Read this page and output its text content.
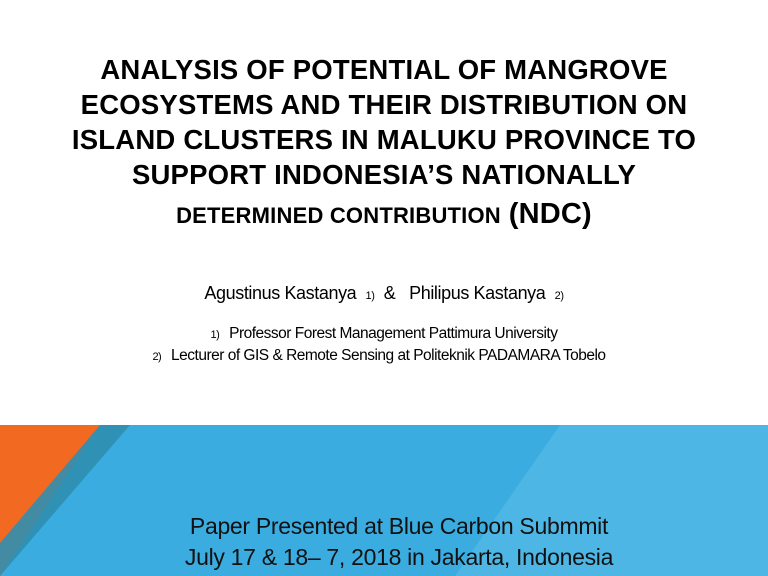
ANALYSIS OF POTENTIAL OF MANGROVE
ECOSYSTEMS AND THEIR DISTRIBUTION ON
ISLAND CLUSTERS IN MALUKU PROVINCE TO
SUPPORT INDONESIA’S NATIONALLY
DETERMINED CONTRIBUTION (NDC)
Agustinus Kastanya 1) & Philipus Kastanya 2)
1) Professor Forest Management Pattimura University
2) Lecturer of GIS & Remote Sensing at Politeknik PADAMARA Tobelo
Paper Presented at Blue Carbon Submmit
July 17 & 18– 7, 2018 in Jakarta, Indonesia
